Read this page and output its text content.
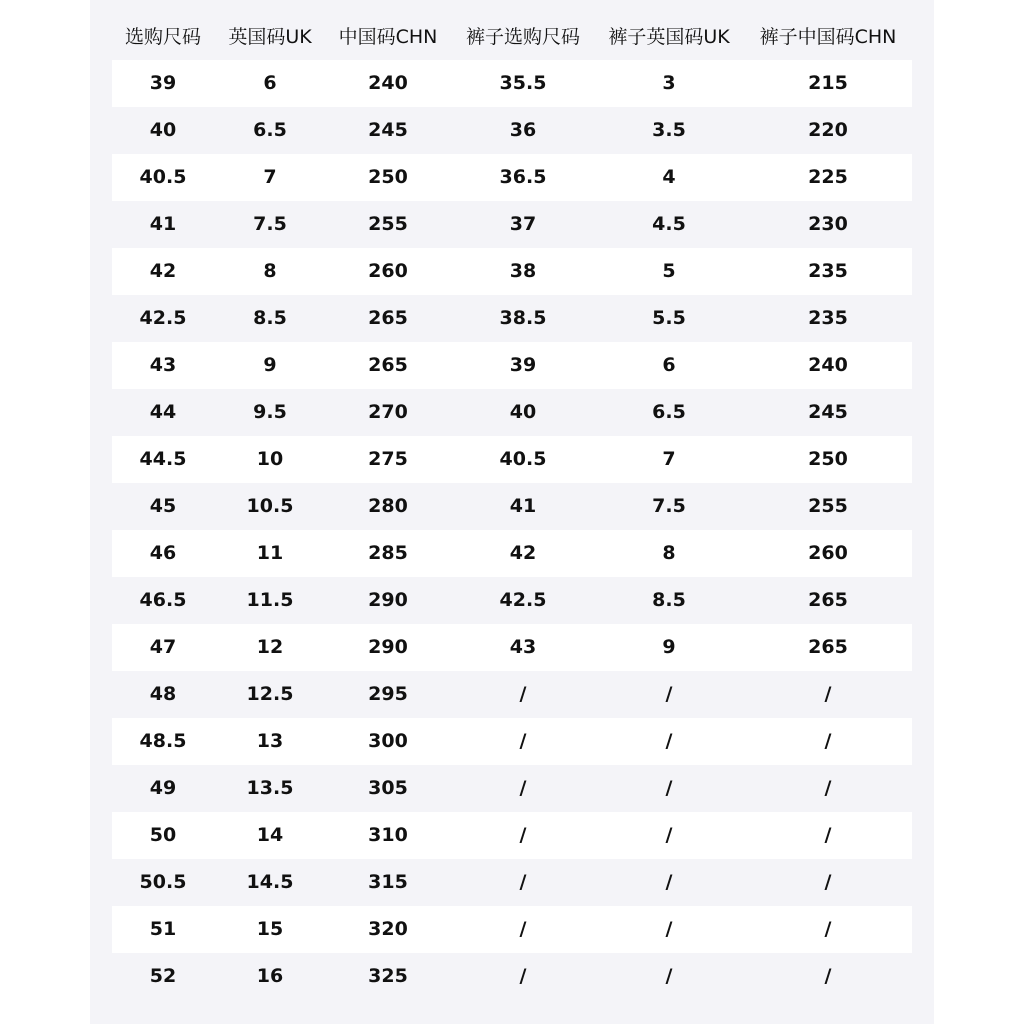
选购尺码 英国码UK 中国码CHN 裤子选购尺码 裤子英国码UK 裤子中国码CHN
39	6	240	35.5	3	215
40	6.5	245	36	3.5	220
40.5	7	250	36.5	4	225
41	7.5	255	37	4.5	230
42	8	260	38	5	235
42.5	8.5	265	38.5	5.5	235
43	9	265	39	6	240
44	9.5	270	40	6.5	245
44.5	10	275	40.5	7	250
45	10.5	280	41	7.5	255
46	11	285	42	8	260
46.5	11.5	290	42.5	8.5	265
47	12	290	43	9	265
48	12.5	295	/	/	/
48.5	13	300	/	/	/
49	13.5	305	/	/	/
50	14	310	/	/	/
50.5	14.5	315	/	/	/
51	15	320	/	/	/
52	16	325	/	/	/
